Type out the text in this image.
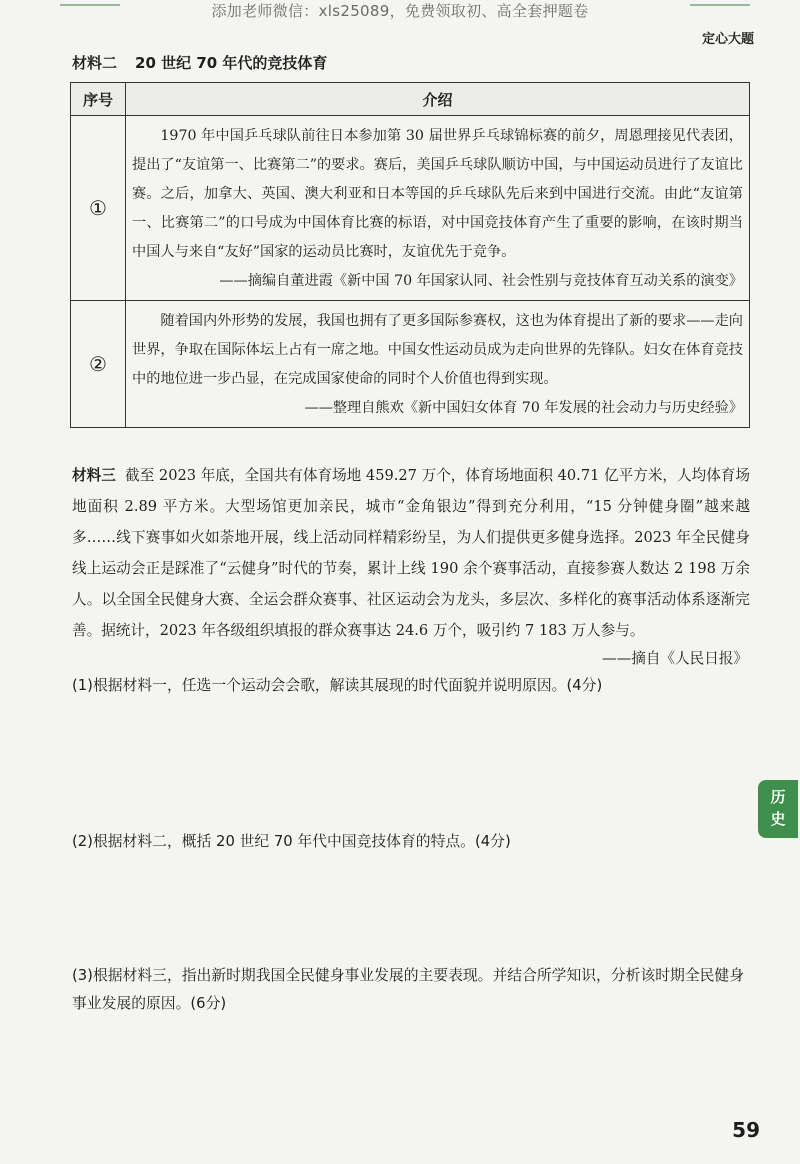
添加老师微信：xls25089，免费领取初、高全套押题卷
定心大题
材料二 20 世纪 70 年代的竞技体育
序号	介绍
①	1970 年中国乒乓球队前往日本参加第 30 届世界乒乓球锦标赛的前夕，周恩理接见代表团，提出了“友谊第一、比赛第二”的要求。赛后，美国乒乓球队顺访中国，与中国运动员进行了友谊比赛。之后，加拿大、英国、澳大利亚和日本等国的乒乓球队先后来到中国进行交流。由此“友谊第一、比赛第二”的口号成为中国体育比赛的标语，对中国竞技体育产生了重要的影响，在该时期当中国人与来自“友好”国家的运动员比赛时，友谊优先于竞争。

——摘编自董进霞《新中国 70 年国家认同、社会性别与竞技体育互动关系的演变》

②	随着国内外形势的发展，我国也拥有了更多国际参赛权，这也为体育提出了新的要求——走向世界，争取在国际体坛上占有一席之地。中国女性运动员成为走向世界的先锋队。妇女在体育竞技中的地位进一步凸显，在完成国家使命的同时个人价值也得到实现。

——整理自熊欢《新中国妇女体育 70 年发展的社会动力与历史经验》

材料三 截至 2023 年底，全国共有体育场地 459.27 万个，体育场地面积 40.71 亿平方米，人均体育场地面积 2.89 平方米。大型场馆更加亲民，城市“金角银边”得到充分利用，“15 分钟健身圈”越来越多……线下赛事如火如荼地开展，线上活动同样精彩纷呈，为人们提供更多健身选择。2023 年全民健身线上运动会正是踩准了“云健身”时代的节奏，累计上线 190 余个赛事活动，直接参赛人数达 2 198 万余人。以全国全民健身大赛、全运会群众赛事、社区运动会为龙头，多层次、多样化的赛事活动体系逐渐完善。据统计，2023 年各级组织填报的群众赛事达 24.6 万个，吸引约 7 183 万人参与。

——摘自《人民日报》

(1)根据材料一，任选一个运动会会歌，解读其展现的时代面貌并说明原因。(4分)

(2)根据材料二，概括 20 世纪 70 年代中国竞技体育的特点。(4分)

(3)根据材料三，指出新时期我国全民健身事业发展的主要表现。并结合所学知识，分析该时期全民健身事业发展的原因。(6分)

历
史
59
